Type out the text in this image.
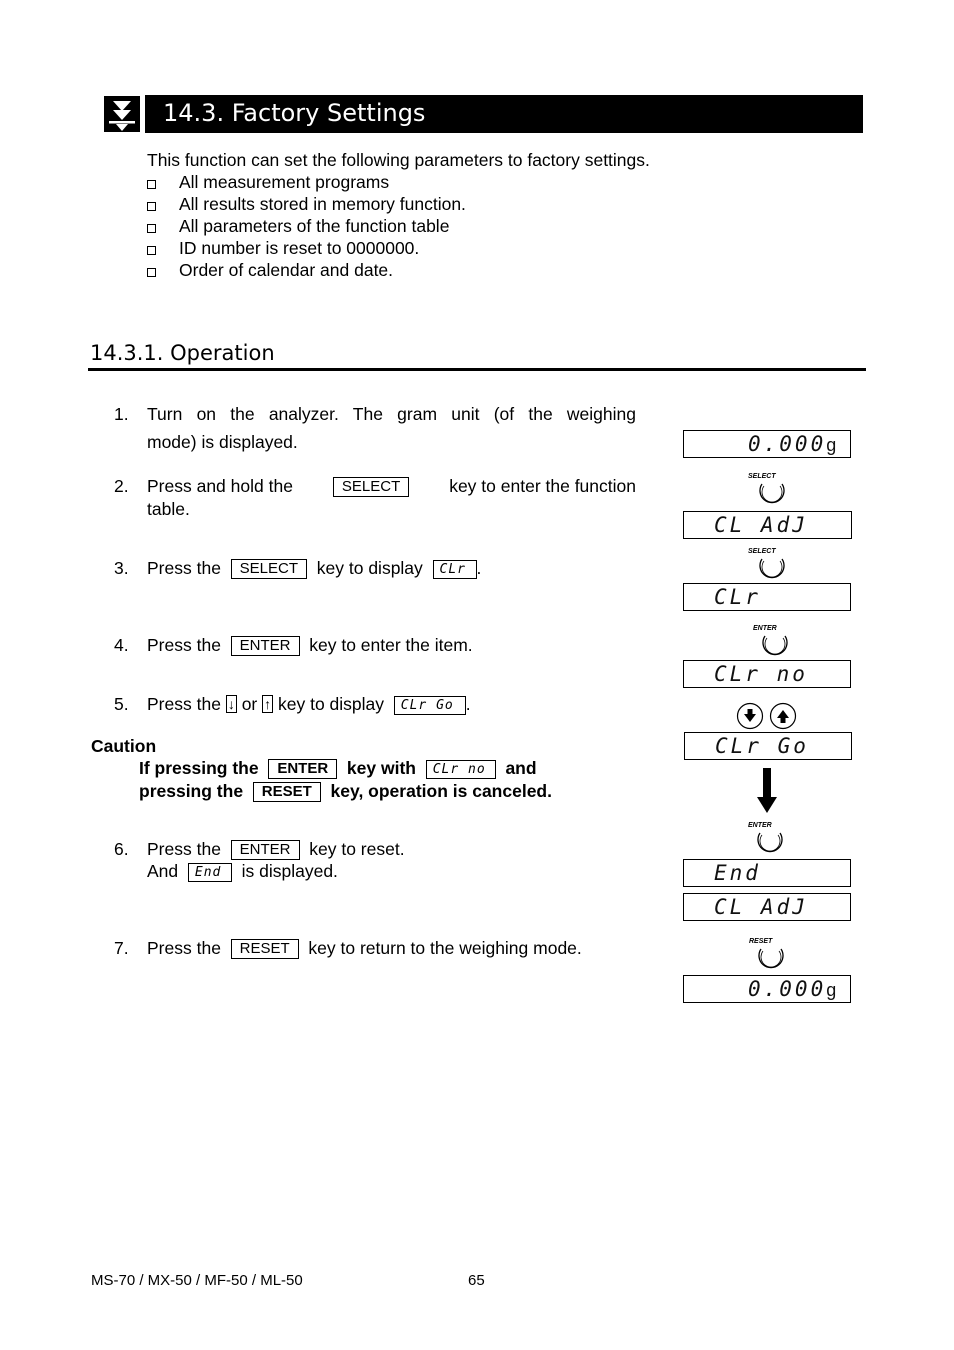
14.3. Factory Settings
This function can set the following parameters to factory settings.
All measurement programs
All results stored in memory function.
All parameters of the function table
ID number is reset to 0000000.
Order of calendar and date.
14.3.1. Operation
1. Turn on the analyzer. The gram unit (of the weighing
mode) is displayed.
2. Press and hold the	SELECT	key to enter the function
table.
3. Press the SELECT key to display CLr .
4. Press the ENTER key to enter the item.
5. Press the ↓ or ↑ key to display CLr Go .
Caution
If pressing the ENTER key with CLr no and
pressing the RESET key, operation is canceled.
6. Press the ENTER key to reset.
And End is displayed.
7. Press the RESET key to return to the weighing mode.
0.000g
SELECT
CL AdJ
SELECT
CLr
ENTER
CLr no
CLr Go
ENTER
End
CL AdJ
RESET
0.000g
MS-70 / MX-50 / MF-50 / ML-50	65
